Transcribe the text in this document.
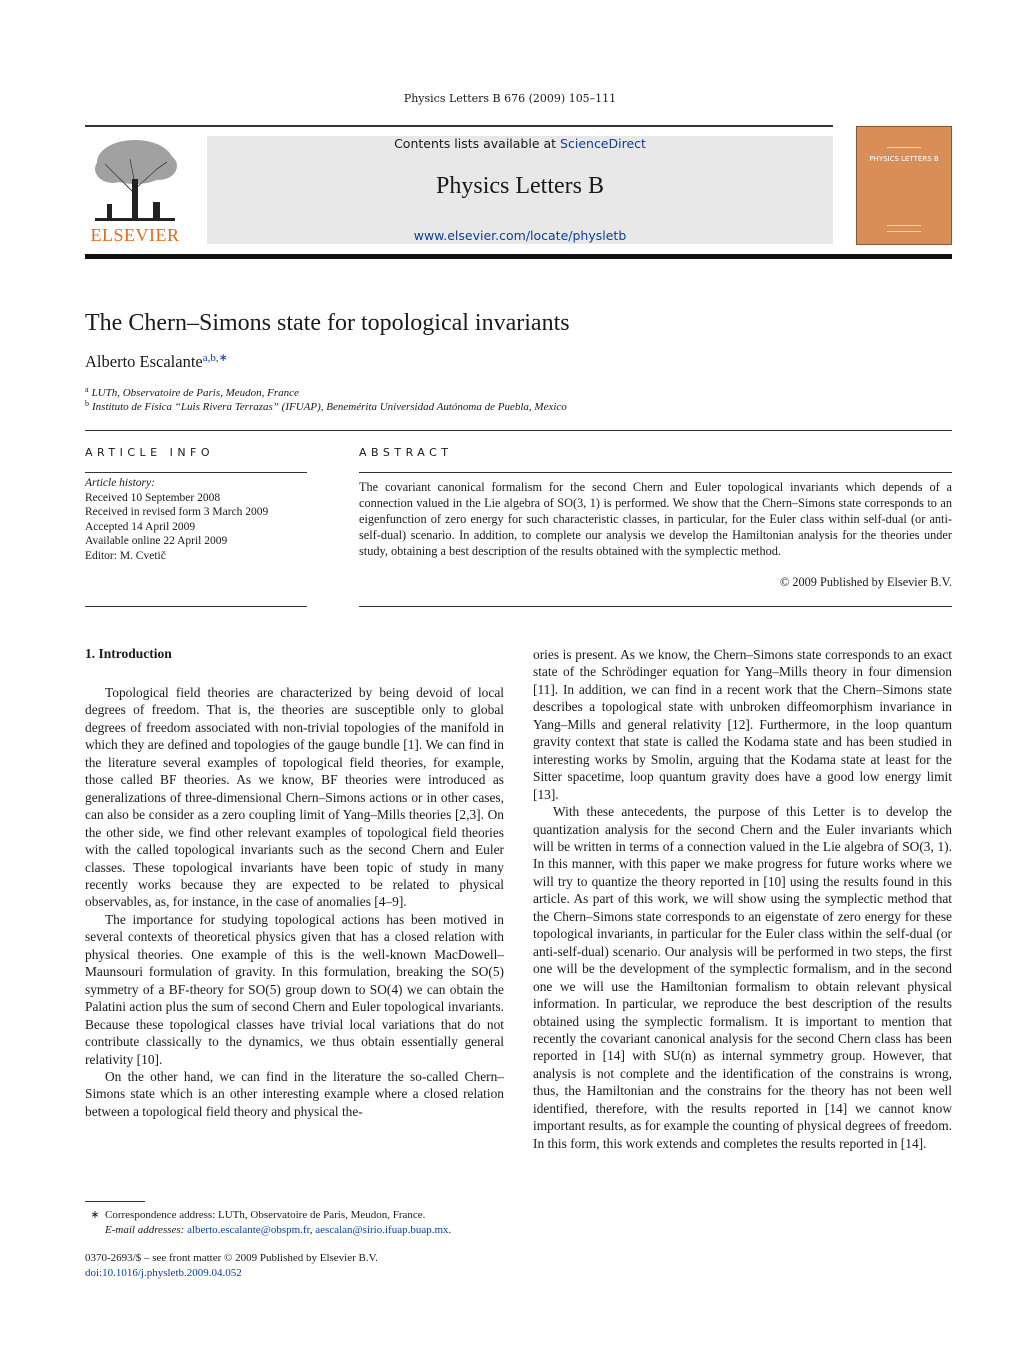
Physics Letters B 676 (2009) 105–111
ELSEVIER
Contents lists available at ScienceDirect
Physics Letters B
www.elsevier.com/locate/physletb
PHYSICS LETTERS B
The Chern–Simons state for topological invariants
Alberto Escalante$^{a,b,∗}$
$^a$ LUTh, Observatoire de Paris, Meudon, France
$^b$ Instituto de Física “Luis Rivera Terrazas” (IFUAP), Benemérita Universidad Autónoma de Puebla, Mexico
ARTICLE INFO
Article history:
Received 10 September 2008
Received in revised form 3 March 2009
Accepted 14 April 2009
Available online 22 April 2009
Editor: M. Cvetič
ABSTRACT
The covariant canonical formalism for the second Chern and Euler topological invariants which depends of a connection valued in the Lie algebra of SO(3, 1) is performed. We show that the Chern–Simons state corresponds to an eigenfunction of zero energy for such characteristic classes, in particular, for the Euler class within self-dual (or anti-self-dual) scenario. In addition, to complete our analysis we develop the Hamiltonian analysis for the theories under study, obtaining a best description of the results obtained with the symplectic method.
© 2009 Published by Elsevier B.V.
1. Introduction

Topological field theories are characterized by being devoid of local degrees of freedom. That is, the theories are susceptible only to global degrees of freedom associated with non-trivial topologies of the manifold in which they are defined and topologies of the gauge bundle [1]. We can find in the literature several examples of topological field theories, for example, those called BF theories. As we know, BF theories were introduced as generalizations of three-dimensional Chern–Simons actions or in other cases, can also be consider as a zero coupling limit of Yang–Mills theories [2,3]. On the other side, we find other relevant examples of topological field theories with the called topological invariants such as the second Chern and Euler classes. These topological invariants have been topic of study in many recently works because they are expected to be related to physical observables, as, for instance, in the case of anomalies [4–9].

The importance for studying topological actions has been motived in several contexts of theoretical physics given that has a closed relation with physical theories. One example of this is the well-known MacDowell–Maunsouri formulation of gravity. In this formulation, breaking the SO(5) symmetry of a BF-theory for SO(5) group down to SO(4) we can obtain the Palatini action plus the sum of second Chern and Euler topological invariants. Because these topological classes have trivial local variations that do not contribute classically to the dynamics, we thus obtain essentially general relativity [10].

On the other hand, we can find in the literature the so-called Chern–Simons state which is an other interesting example where a closed relation between a topological field theory and physical the-

ories is present. As we know, the Chern–Simons state corresponds to an exact state of the Schrödinger equation for Yang–Mills theory in four dimension [11]. In addition, we can find in a recent work that the Chern–Simons state describes a topological state with unbroken diffeomorphism invariance in Yang–Mills and general relativity [12]. Furthermore, in the loop quantum gravity context that state is called the Kodama state and has been studied in interesting works by Smolin, arguing that the Kodama state at least for the Sitter spacetime, loop quantum gravity does have a good low energy limit [13].

With these antecedents, the purpose of this Letter is to develop the quantization analysis for the second Chern and the Euler invariants which will be written in terms of a connection valued in the Lie algebra of SO(3, 1). In this manner, with this paper we make progress for future works where we will try to quantize the theory reported in [10] using the results found in this article. As part of this work, we will show using the symplectic method that the Chern–Simons state corresponds to an eigenstate of zero energy for these topological invariants, in particular for the Euler class within the self-dual (or anti-self-dual) scenario. Our analysis will be performed in two steps, the first one will be the development of the symplectic formalism, and in the second one we will use the Hamiltonian formalism to obtain relevant physical information. In particular, we reproduce the best description of the results obtained using the symplectic formalism. It is important to mention that recently the covariant canonical analysis for the second Chern class has been reported in [14] with SU(n) as internal symmetry group. However, that analysis is not complete and the identification of the constrains is wrong, thus, the Hamiltonian and the constrains for the theory has not been well identified, therefore, with the results reported in [14] we cannot know important results, as for example the counting of physical degrees of freedom. In this form, this work extends and completes the results reported in [14].

∗ Correspondence address: LUTh, Observatoire de Paris, Meudon, France.
E-mail addresses: alberto.escalante@obspm.fr, aescalan@sirio.ifuap.buap.mx.
0370-2693/$ – see front matter © 2009 Published by Elsevier B.V.
doi:10.1016/j.physletb.2009.04.052
